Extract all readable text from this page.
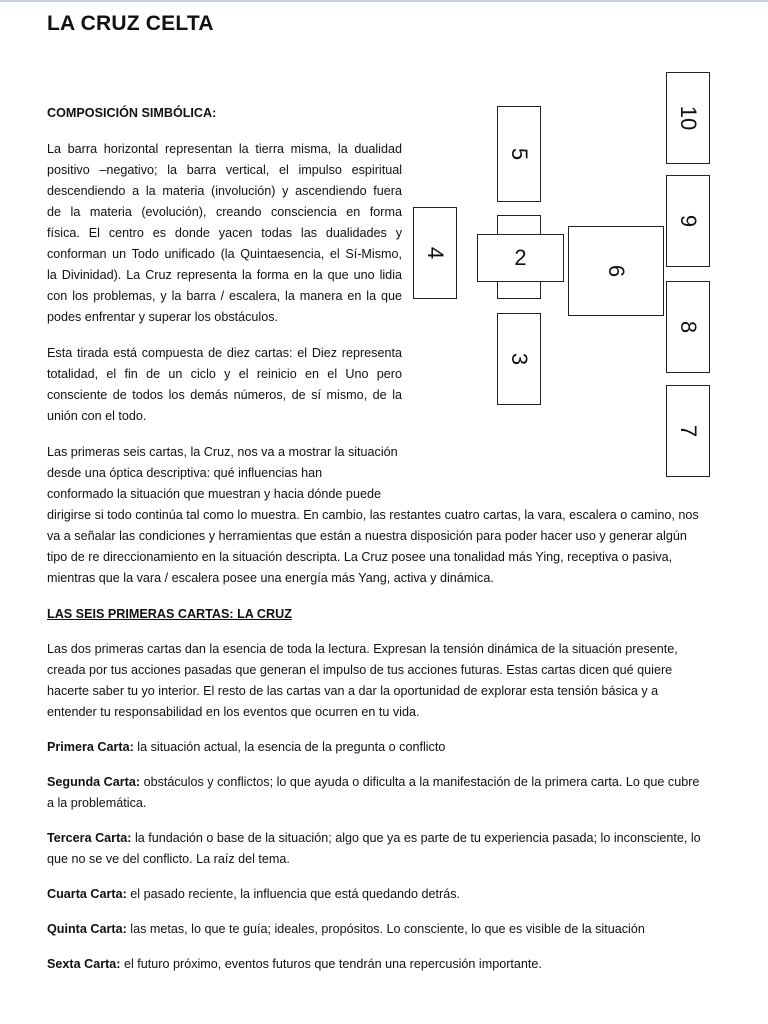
LA CRUZ CELTA
COMPOSICIÓN SIMBÓLICA:
La barra horizontal representan la tierra misma, la dualidad
positivo –negativo; la barra vertical, el impulso espiritual
descendiendo a la materia (involución) y ascendiendo fuera
de la materia (evolución), creando consciencia en forma
física. El centro es donde yacen todas las dualidades y
conforman un Todo unificado (la Quintaesencia, el Sí-Mismo,
la Divinidad). La Cruz representa la forma en la que uno lidia
con los problemas, y la barra / escalera, la manera en la que
podes enfrentar y superar los obstáculos.
Esta tirada está compuesta de diez cartas: el Diez representa
totalidad, el fin de un ciclo y el reinicio en el Uno pero
consciente de todos los demás números, de sí mismo, de la
unión con el todo.
Las primeras seis cartas, la Cruz, nos va a mostrar la situación
desde una óptica descriptiva: qué influencias han
conformado la situación que muestran y hacia dónde puede
dirigirse si todo continúa tal como lo muestra. En cambio, las restantes cuatro cartas, la vara, escalera o camino, nos
va a señalar las condiciones y herramientas que están a nuestra disposición para poder hacer uso y generar algún
tipo de re direccionamiento en la situación descripta. La Cruz posee una tonalidad más Ying, receptiva o pasiva,
mientras que la vara / escalera posee una energía más Yang, activa y dinámica.
LAS SEIS PRIMERAS CARTAS: LA CRUZ
Las dos primeras cartas dan la esencia de toda la lectura. Expresan la tensión dinámica de la situación presente,
creada por tus acciones pasadas que generan el impulso de tus acciones futuras. Estas cartas dicen qué quiere
hacerte saber tu yo interior. El resto de las cartas van a dar la oportunidad de explorar esta tensión básica y a
entender tu responsabilidad en los eventos que ocurren en tu vida.
Primera Carta: la situación actual, la esencia de la pregunta o conflicto
Segunda Carta: obstáculos y conflictos; lo que ayuda o dificulta a la manifestación de la primera carta. Lo que cubre
a la problemática.
Tercera Carta: la fundación o base de la situación; algo que ya es parte de tu experiencia pasada; lo inconsciente, lo
que no se ve del conflicto. La raíz del tema.
Cuarta Carta: el pasado reciente, la influencia que está quedando detrás.
Quinta Carta: las metas, lo que te guía; ideales, propósitos. Lo consciente, lo que es visible de la situación
Sexta Carta: el futuro próximo, eventos futuros que tendrán una repercusión importante.
2
3
4
5
6
7
8
9
10
